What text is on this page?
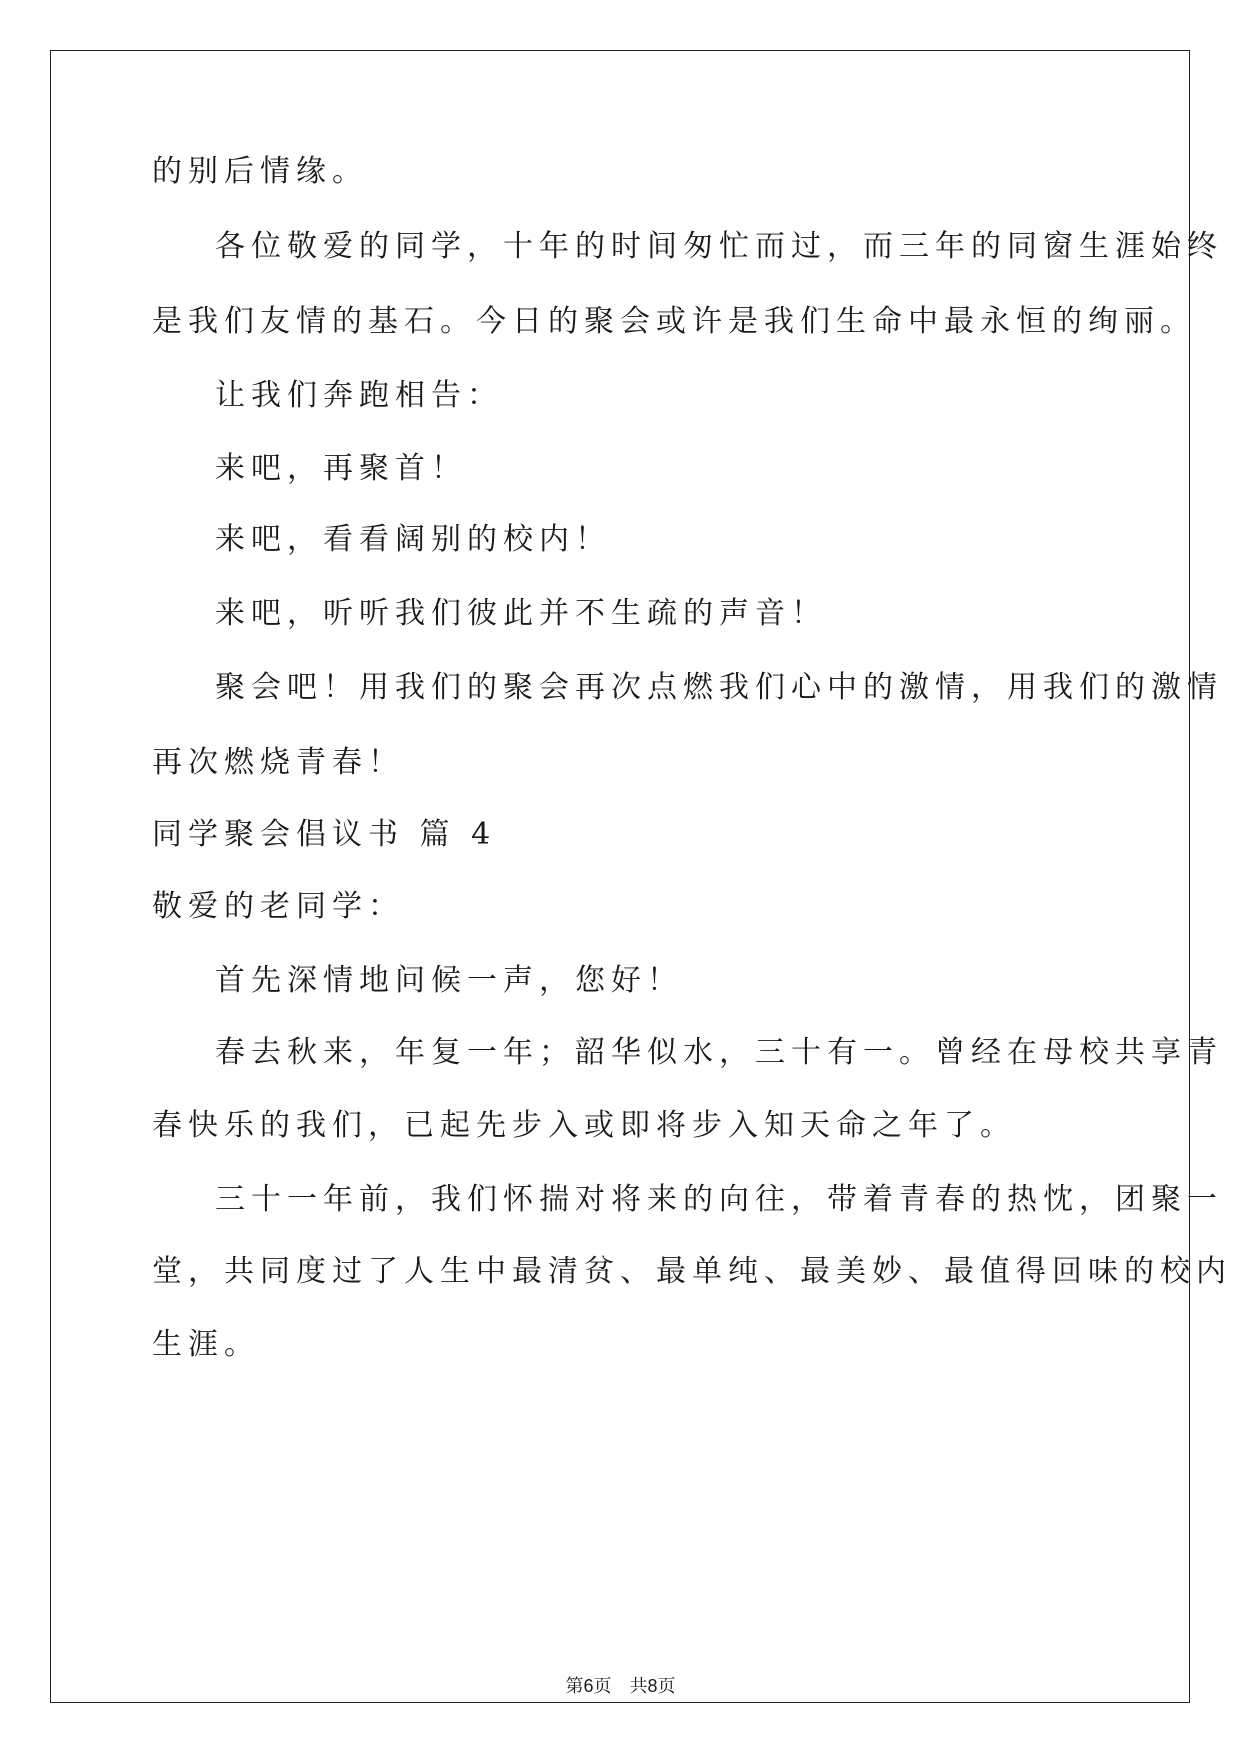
的别后情缘。
各位敬爱的同学，十年的时间匆忙而过，而三年的同窗生涯始终
是我们友情的基石。今日的聚会或许是我们生命中最永恒的绚丽。
让我们奔跑相告：
来吧，再聚首！
来吧，看看阔别的校内！
来吧，听听我们彼此并不生疏的声音！
聚会吧！用我们的聚会再次点燃我们心中的激情，用我们的激情
再次燃烧青春！
同学聚会倡议书 篇 4
敬爱的老同学：
首先深情地问候一声，您好！
春去秋来，年复一年；韶华似水，三十有一。曾经在母校共享青
春快乐的我们，已起先步入或即将步入知天命之年了。
三十一年前，我们怀揣对将来的向往，带着青春的热忱，团聚一
堂，共同度过了人生中最清贫、最单纯、最美妙、最值得回味的校内
生涯。
第6页 共8页
